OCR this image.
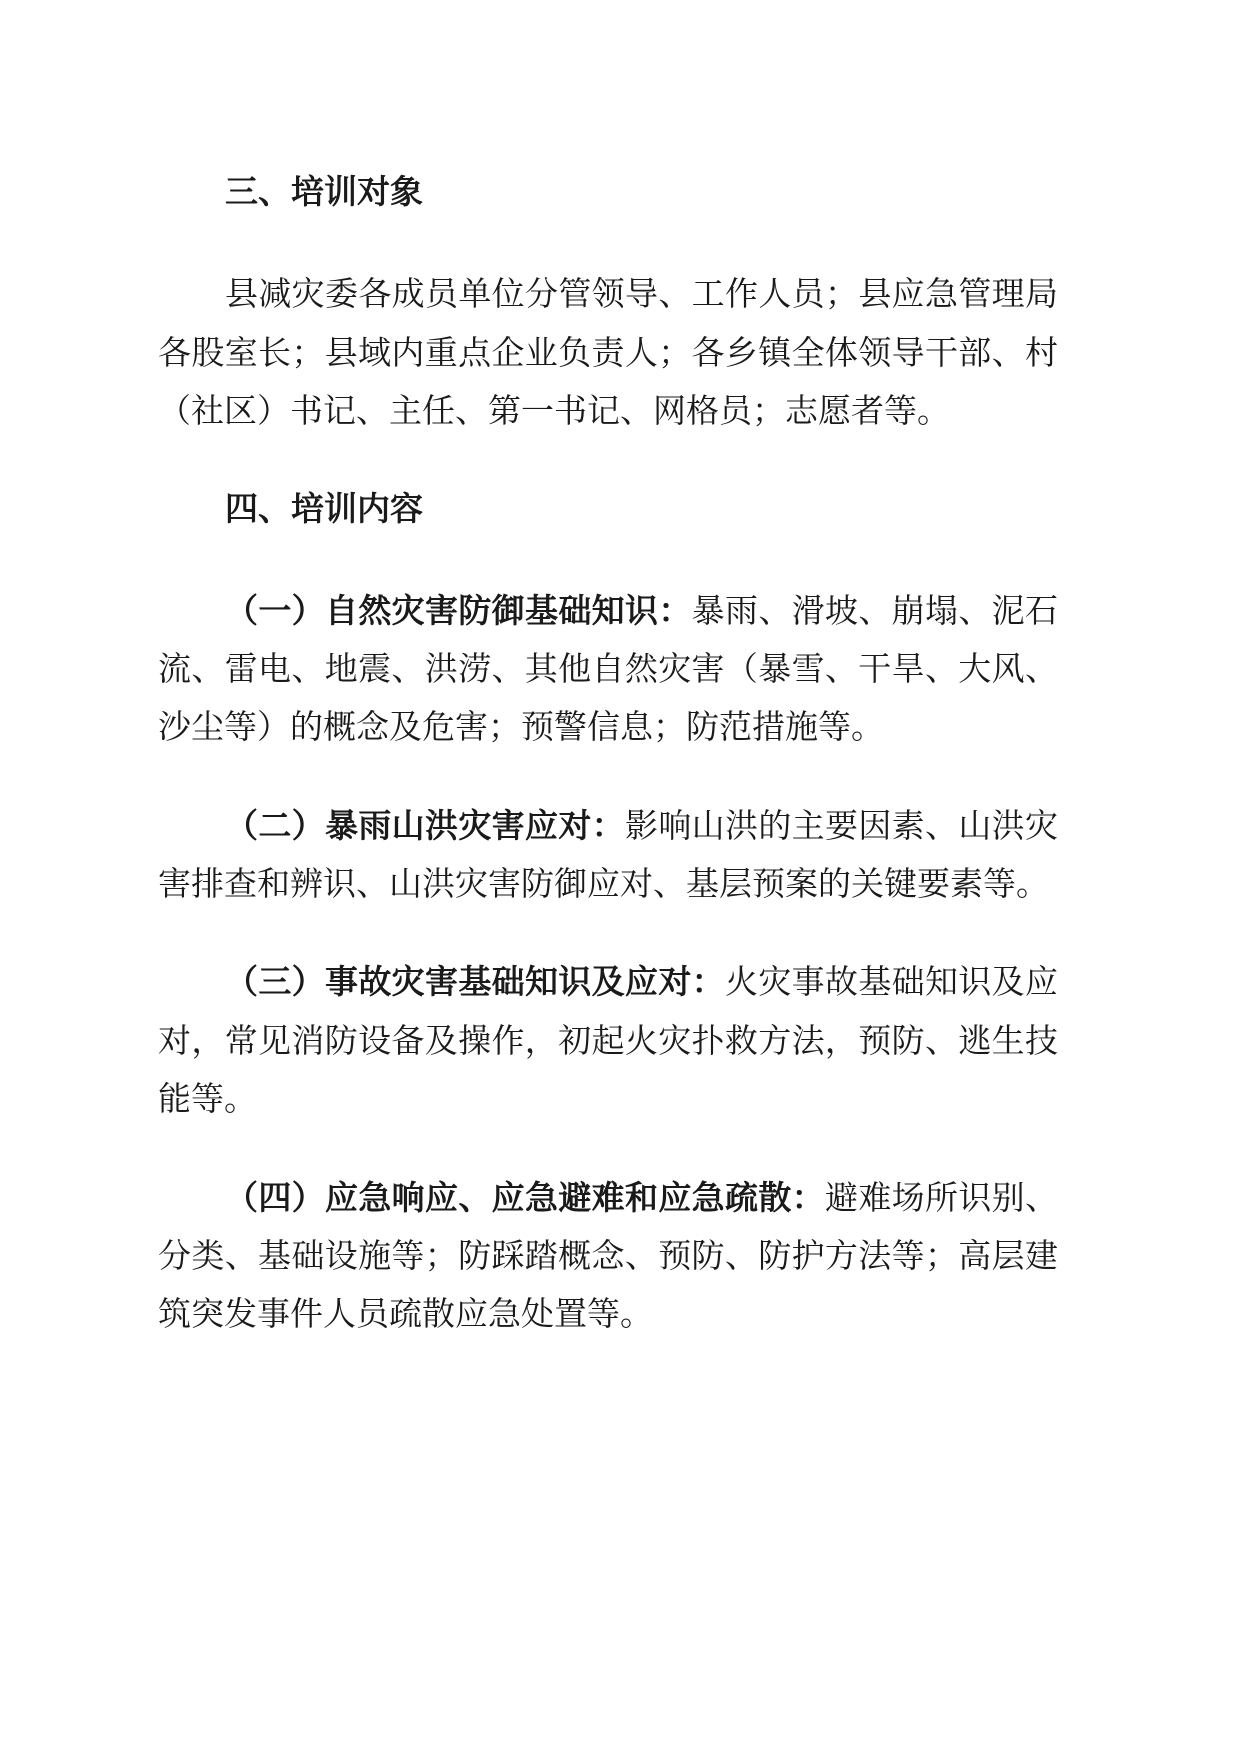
三、培训对象
县减灾委各成员单位分管领导、工作人员；县应急管理局
各股室长；县域内重点企业负责人；各乡镇全体领导干部、村
（社区）书记、主任、第一书记、网格员；志愿者等。
四、培训内容
（一）自然灾害防御基础知识：暴雨、滑坡、崩塌、泥石
流、雷电、地震、洪涝、其他自然灾害（暴雪、干旱、大风、
沙尘等）的概念及危害；预警信息；防范措施等。
（二）暴雨山洪灾害应对：影响山洪的主要因素、山洪灾
害排查和辨识、山洪灾害防御应对、基层预案的关键要素等。
（三）事故灾害基础知识及应对：火灾事故基础知识及应
对，常见消防设备及操作，初起火灾扑救方法，预防、逃生技
能等。
（四）应急响应、应急避难和应急疏散：避难场所识别、
分类、基础设施等；防踩踏概念、预防、防护方法等；高层建
筑突发事件人员疏散应急处置等。
